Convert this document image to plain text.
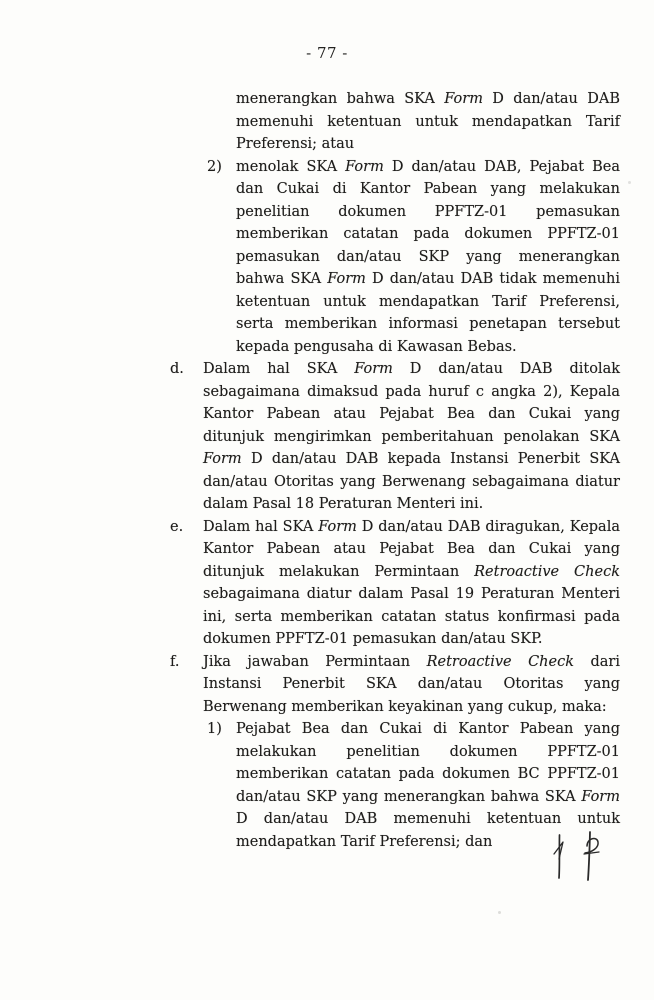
- 77 -
menerangkan bahwa SKA Form D dan/atau DAB memenuhi ketentuan untuk mendapatkan Tarif Preferensi; atau
2) menolak SKA Form D dan/atau DAB, Pejabat Bea dan Cukai di Kantor Pabean yang melakukan penelitian dokumen PPFTZ-01 pemasukan memberikan catatan pada dokumen PPFTZ-01 pemasukan dan/atau SKP yang menerangkan bahwa SKA Form D dan/atau DAB tidak memenuhi ketentuan untuk mendapatkan Tarif Preferensi, serta memberikan informasi penetapan tersebut kepada pengusaha di Kawasan Bebas.
d.	Dalam hal SKA Form D dan/atau DAB ditolak sebagaimana dimaksud pada huruf c angka 2), Kepala Kantor Pabean atau Pejabat Bea dan Cukai yang ditunjuk mengirimkan pemberitahuan penolakan SKA Form D dan/atau DAB kepada Instansi Penerbit SKA dan/atau Otoritas yang Berwenang sebagaimana diatur dalam Pasal 18 Peraturan Menteri ini.
e.	Dalam hal SKA Form D dan/atau DAB diragukan, Kepala Kantor Pabean atau Pejabat Bea dan Cukai yang ditunjuk melakukan Permintaan Retroactive Check sebagaimana diatur dalam Pasal 19 Peraturan Menteri ini, serta memberikan catatan status konfirmasi pada dokumen PPFTZ-01 pemasukan dan/atau SKP.
f.	Jika jawaban Permintaan Retroactive Check dari Instansi Penerbit SKA dan/atau Otoritas yang Berwenang memberikan keyakinan yang cukup, maka:
1) Pejabat Bea dan Cukai di Kantor Pabean yang melakukan penelitian dokumen PPFTZ-01 memberikan catatan pada dokumen BC PPFTZ-01 dan/atau SKP yang menerangkan bahwa SKA Form D dan/atau DAB memenuhi ketentuan untuk mendapatkan Tarif Preferensi; dan
